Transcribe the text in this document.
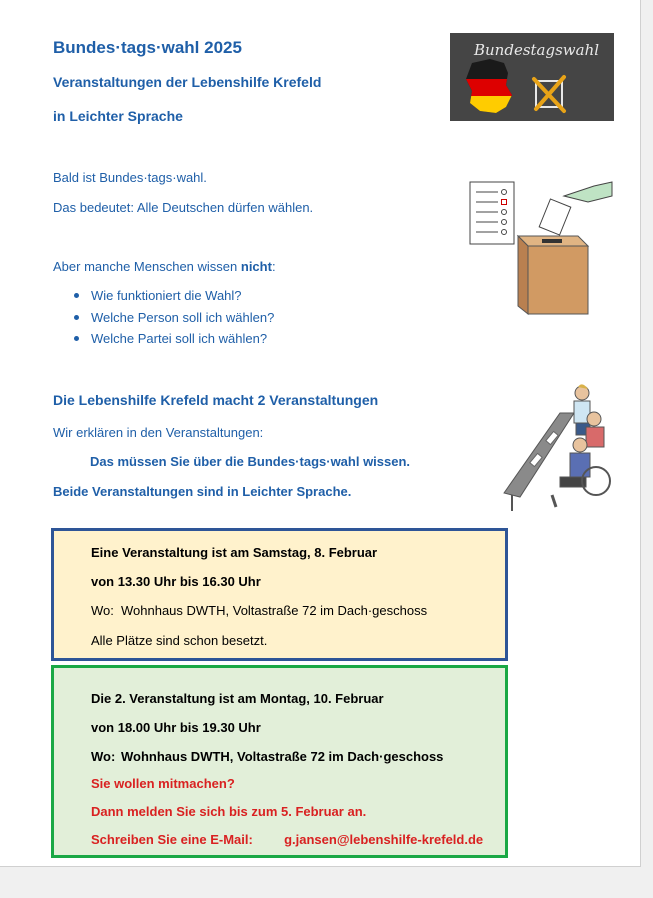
Bundes·tags·wahl 2025
Veranstaltungen der Lebenshilfe Krefeld
in Leichter Sprache
Bundestagswahl
Bald ist Bundes·tags·wahl.
Das bedeutet: Alle Deutschen dürfen wählen.
Aber manche Menschen wissen nicht:
Wie funktioniert die Wahl?
Welche Person soll ich wählen?
Welche Partei soll ich wählen?
Die Lebenshilfe Krefeld macht 2 Veranstaltungen
Wir erklären in den Veranstaltungen:
Das müssen Sie über die Bundes·tags·wahl wissen.
Beide Veranstaltungen sind in Leichter Sprache.
Eine Veranstaltung ist am Samstag, 8. Februar
von 13.30 Uhr bis 16.30 Uhr
Wo: Wohnhaus DWTH, Voltastraße 72 im Dach·geschoss
Alle Plätze sind schon besetzt.
Die 2. Veranstaltung ist am Montag, 10. Februar
von 18.00 Uhr bis 19.30 Uhr
Wo: Wohnhaus DWTH, Voltastraße 72 im Dach·geschoss
Sie wollen mitmachen?
Dann melden Sie sich bis zum 5. Februar an.
Schreiben Sie eine E-Mail: g.jansen@lebenshilfe-krefeld.de
